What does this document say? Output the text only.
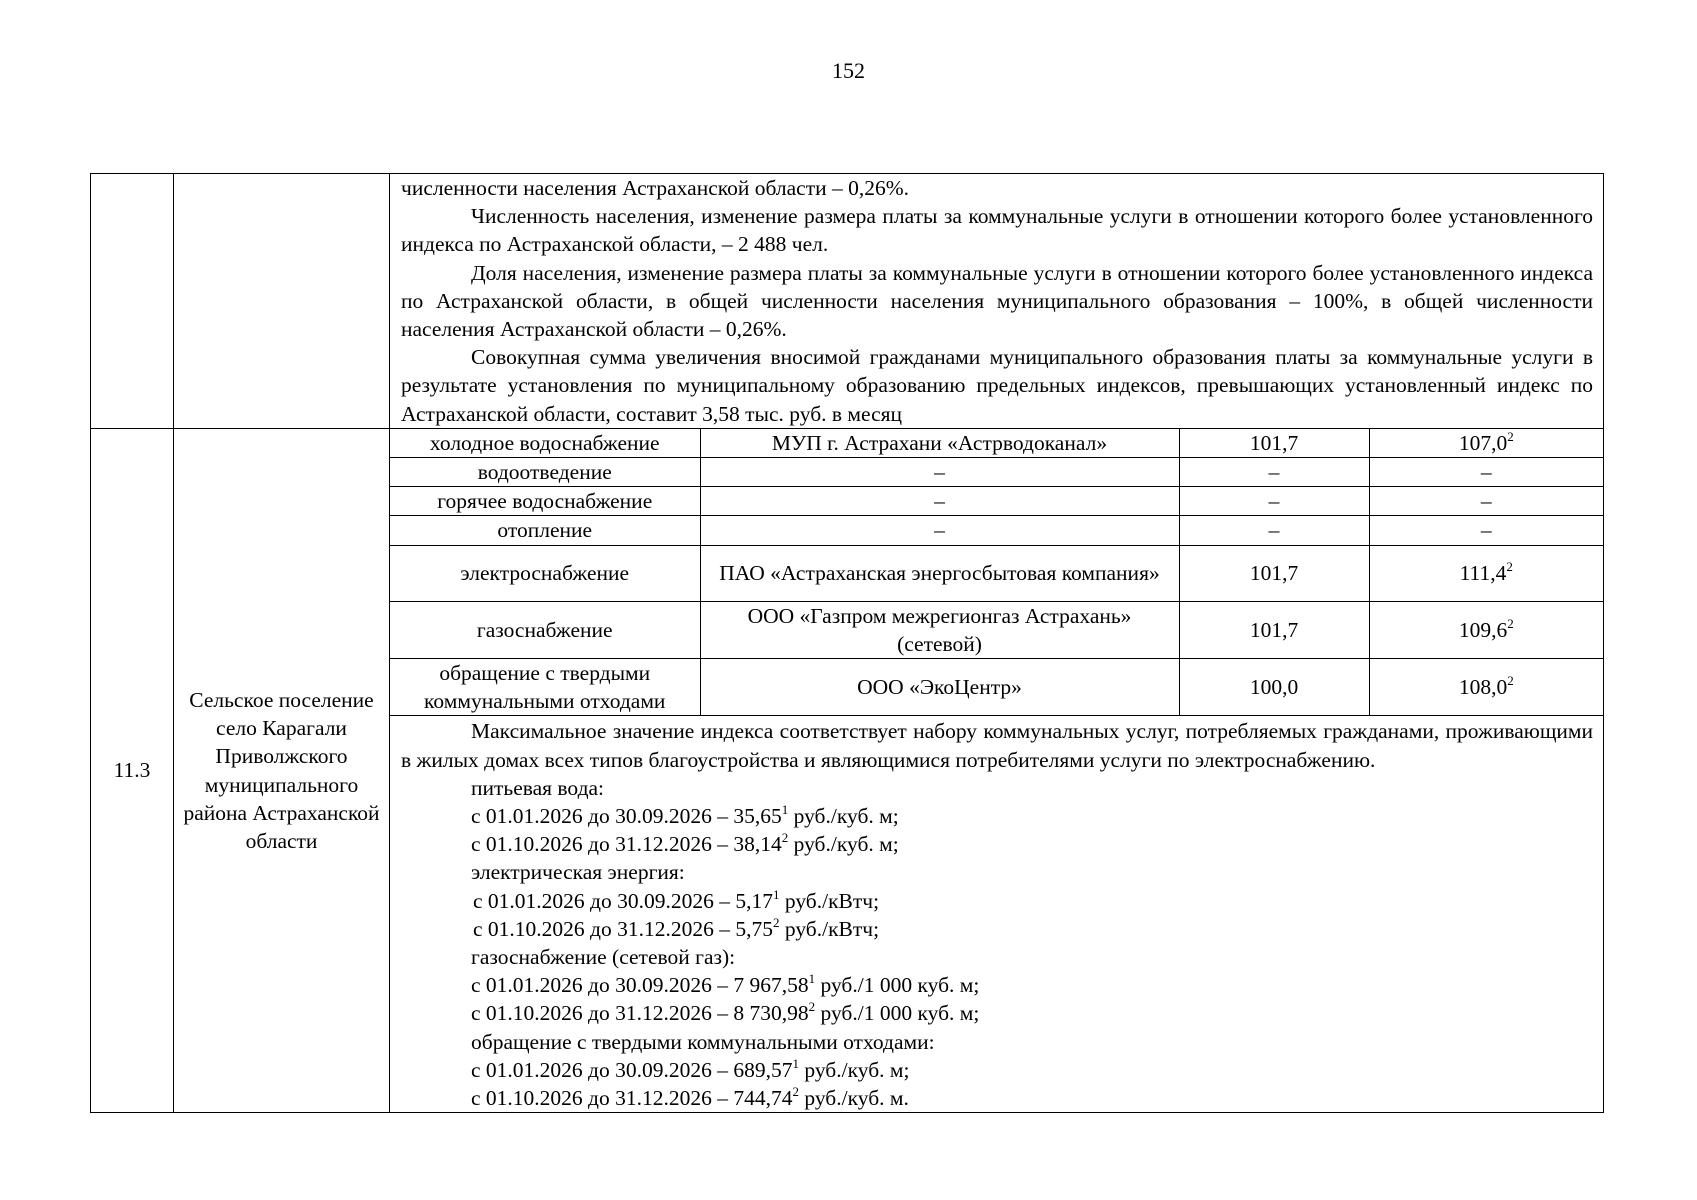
152

численности населения Астраханской области – 0,26%.
Численность населения, изменение размера платы за коммунальные услуги в отношении которого более установленного индекса по Астраханской области, – 2 488 чел.
Доля населения, изменение размера платы за коммунальные услуги в отношении которого более установленного индекса по Астраханской области, в общей численности населения муниципального образования – 100%, в общей численности населения Астраханской области – 0,26%.
Совокупная сумма увеличения вносимой гражданами муниципального образования платы за коммунальные услуги в результате установления по муниципальному образованию предельных индексов, превышающих установленный индекс по Астраханской области, составит 3,58 тыс. руб. в месяц

11.3	Сельское поселение село Карагали Приволжского муниципального района Астраханской области	
холодное водоснабжение	МУП г. Астрахани «Астрводоканал»	101,7	107,0$^2$
водоотведение	–	–	–
горячее водоснабжение	–	–	–
отопление	–	–	–
электроснабжение	ПАО «Астраханская энергосбытовая компания»	101,7	111,4$^2$
газоснабжение	ООО «Газпром межрегионгаз Астрахань» (сетевой)	101,7	109,6$^2$
обращение с твердыми коммунальными отходами	ООО «ЭкоЦентр»	100,0	108,0$^2$
Максимальное значение индекса соответствует набору коммунальных услуг, потребляемых гражданами, проживающими в жилых домах всех типов благоустройства и являющимися потребителями услуги по электроснабжению.
питьевая вода:
с 01.01.2026 до 30.09.2026 – 35,65$^1$ руб./куб. м;
с 01.10.2026 до 31.12.2026 – 38,14$^2$ руб./куб. м;
электрическая энергия:
с 01.01.2026 до 30.09.2026 – 5,17$^1$ руб./кВтч;
с 01.10.2026 до 31.12.2026 – 5,75$^2$ руб./кВтч;
газоснабжение (сетевой газ):
с 01.01.2026 до 30.09.2026 – 7 967,58$^1$ руб./1 000 куб. м;
с 01.10.2026 до 31.12.2026 – 8 730,98$^2$ руб./1 000 куб. м;
обращение с твердыми коммунальными отходами:
с 01.01.2026 до 30.09.2026 – 689,57$^1$ руб./куб. м;
с 01.10.2026 до 31.12.2026 – 744,74$^2$ руб./куб. м.
